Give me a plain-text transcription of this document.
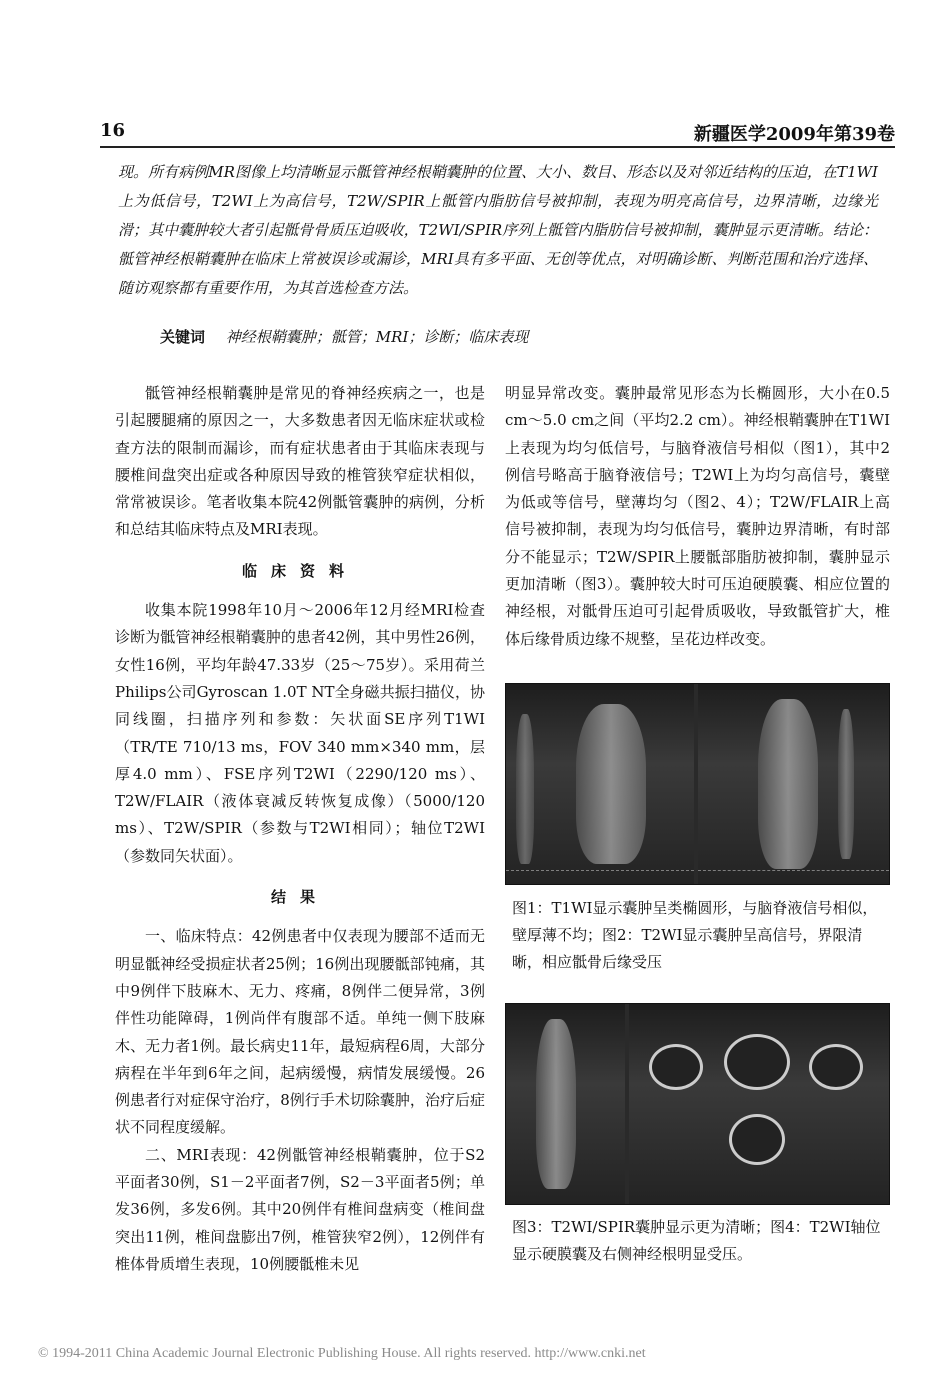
16	新疆医学2009年第39卷
现。所有病例MR图像上均清晰显示骶管神经根鞘囊肿的位置、大小、数目、形态以及对邻近结构的压迫，在T1WI上为低信号，T2WI上为高信号，T2W/SPIR上骶管内脂肪信号被抑制，表现为明亮高信号，边界清晰，边缘光滑；其中囊肿较大者引起骶骨骨质压迫吸收，T2WI/SPIR序列上骶管内脂肪信号被抑制，囊肿显示更清晰。结论：骶管神经根鞘囊肿在临床上常被误诊或漏诊，MRI具有多平面、无创等优点，对明确诊断、判断范围和治疗选择、随访观察都有重要作用，为其首选检查方法。
关键词 神经根鞘囊肿；骶管；MRI；诊断；临床表现

骶管神经根鞘囊肿是常见的脊神经疾病之一，也是引起腰腿痛的原因之一，大多数患者因无临床症状或检查方法的限制而漏诊，而有症状患者由于其临床表现与腰椎间盘突出症或各种原因导致的椎管狭窄症状相似，常常被误诊。笔者收集本院42例骶管囊肿的病例，分析和总结其临床特点及MRI表现。

临床资料

收集本院1998年10月～2006年12月经MRI检查诊断为骶管神经根鞘囊肿的患者42例，其中男性26例，女性16例，平均年龄47.33岁（25～75岁）。采用荷兰Philips公司Gyroscan 1.0T NT全身磁共振扫描仪，协同线圈，扫描序列和参数：矢状面SE序列T1WI（TR/TE 710/13 ms，FOV 340 mm×340 mm，层厚4.0 mm）、FSE序列T2WI（2290/120 ms）、T2W/FLAIR（液体衰减反转恢复成像）（5000/120 ms）、T2W/SPIR（参数与T2WI相同）；轴位T2WI（参数同矢状面）。

结果

一、临床特点：42例患者中仅表现为腰部不适而无明显骶神经受损症状者25例；16例出现腰骶部钝痛，其中9例伴下肢麻木、无力、疼痛，8例伴二便异常，3例伴性功能障碍，1例尚伴有腹部不适。单纯一侧下肢麻木、无力者1例。最长病史11年，最短病程6周，大部分病程在半年到6年之间，起病缓慢，病情发展缓慢。26例患者行对症保守治疗，8例行手术切除囊肿，治疗后症状不同程度缓解。

二、MRI表现：42例骶管神经根鞘囊肿，位于S2平面者30例，S1－2平面者7例，S2－3平面者5例；单发36例，多发6例。其中20例伴有椎间盘病变（椎间盘突出11例，椎间盘膨出7例，椎管狭窄2例），12例伴有椎体骨质增生表现，10例腰骶椎未见

明显异常改变。囊肿最常见形态为长椭圆形，大小在0.5 cm～5.0 cm之间（平均2.2 cm）。神经根鞘囊肿在T1WI上表现为均匀低信号，与脑脊液信号相似（图1），其中2例信号略高于脑脊液信号；T2WI上为均匀高信号，囊壁为低或等信号，壁薄均匀（图2、4）；T2W/FLAIR上高信号被抑制，表现为均匀低信号，囊肿边界清晰，有时部分不能显示；T2W/SPIR上腰骶部脂肪被抑制，囊肿显示更加清晰（图3）。囊肿较大时可压迫硬膜囊、相应位置的神经根，对骶骨压迫可引起骨质吸收，导致骶管扩大，椎体后缘骨质边缘不规整，呈花边样改变。

图1：T1WI显示囊肿呈类椭圆形，与脑脊液信号相似，壁厚薄不均；图2：T2WI显示囊肿呈高信号，界限清晰，相应骶骨后缘受压
图3：T2WI/SPIR囊肿显示更为清晰；图4：T2WI轴位显示硬膜囊及右侧神经根明显受压。
© 1994-2011 China Academic Journal Electronic Publishing House. All rights reserved. http://www.cnki.net
